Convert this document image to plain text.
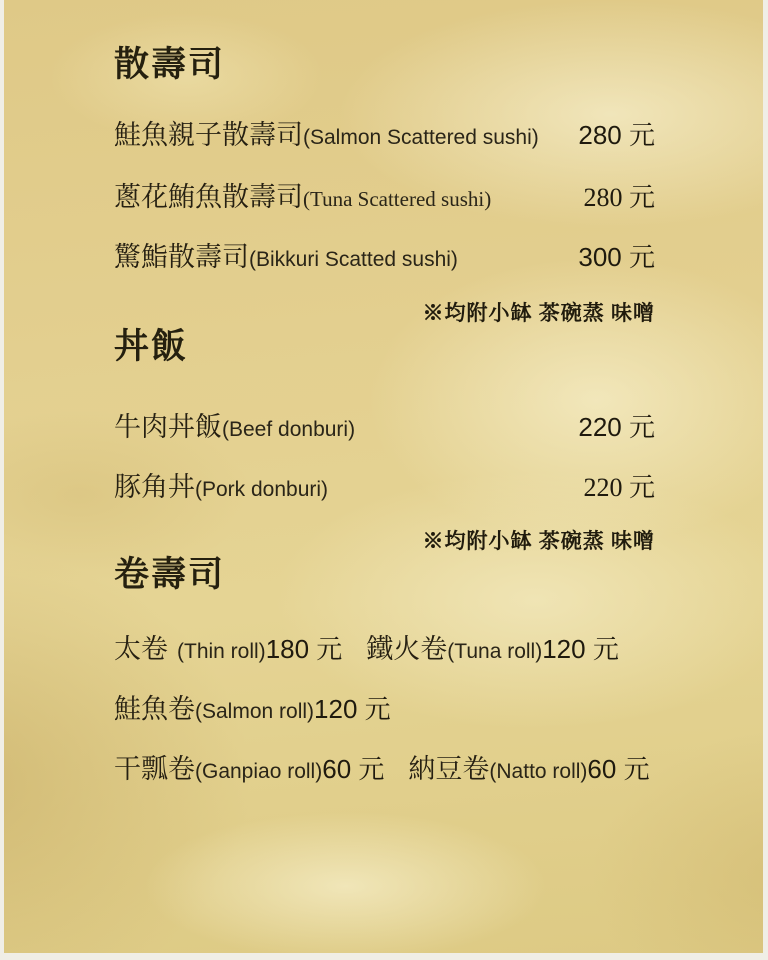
散壽司
鮭魚親子散壽司(Salmon Scattered sushi)	280 元
蔥花鮪魚散壽司(Tuna Scattered sushi)	280 元
驚鮨散壽司(Bikkuri Scatted sushi)	300 元
※均附小缽 茶碗蒸 味噌
丼飯
牛肉丼飯(Beef donburi)	220 元
豚角丼(Pork donburi)	220 元
※均附小缽 茶碗蒸 味噌
卷壽司
太卷 (Thin roll)180 元 鐵火卷(Tuna roll)120 元
鮭魚卷(Salmon roll)120 元
干瓢卷(Ganpiao roll)60 元 納豆卷(Natto roll)60 元
